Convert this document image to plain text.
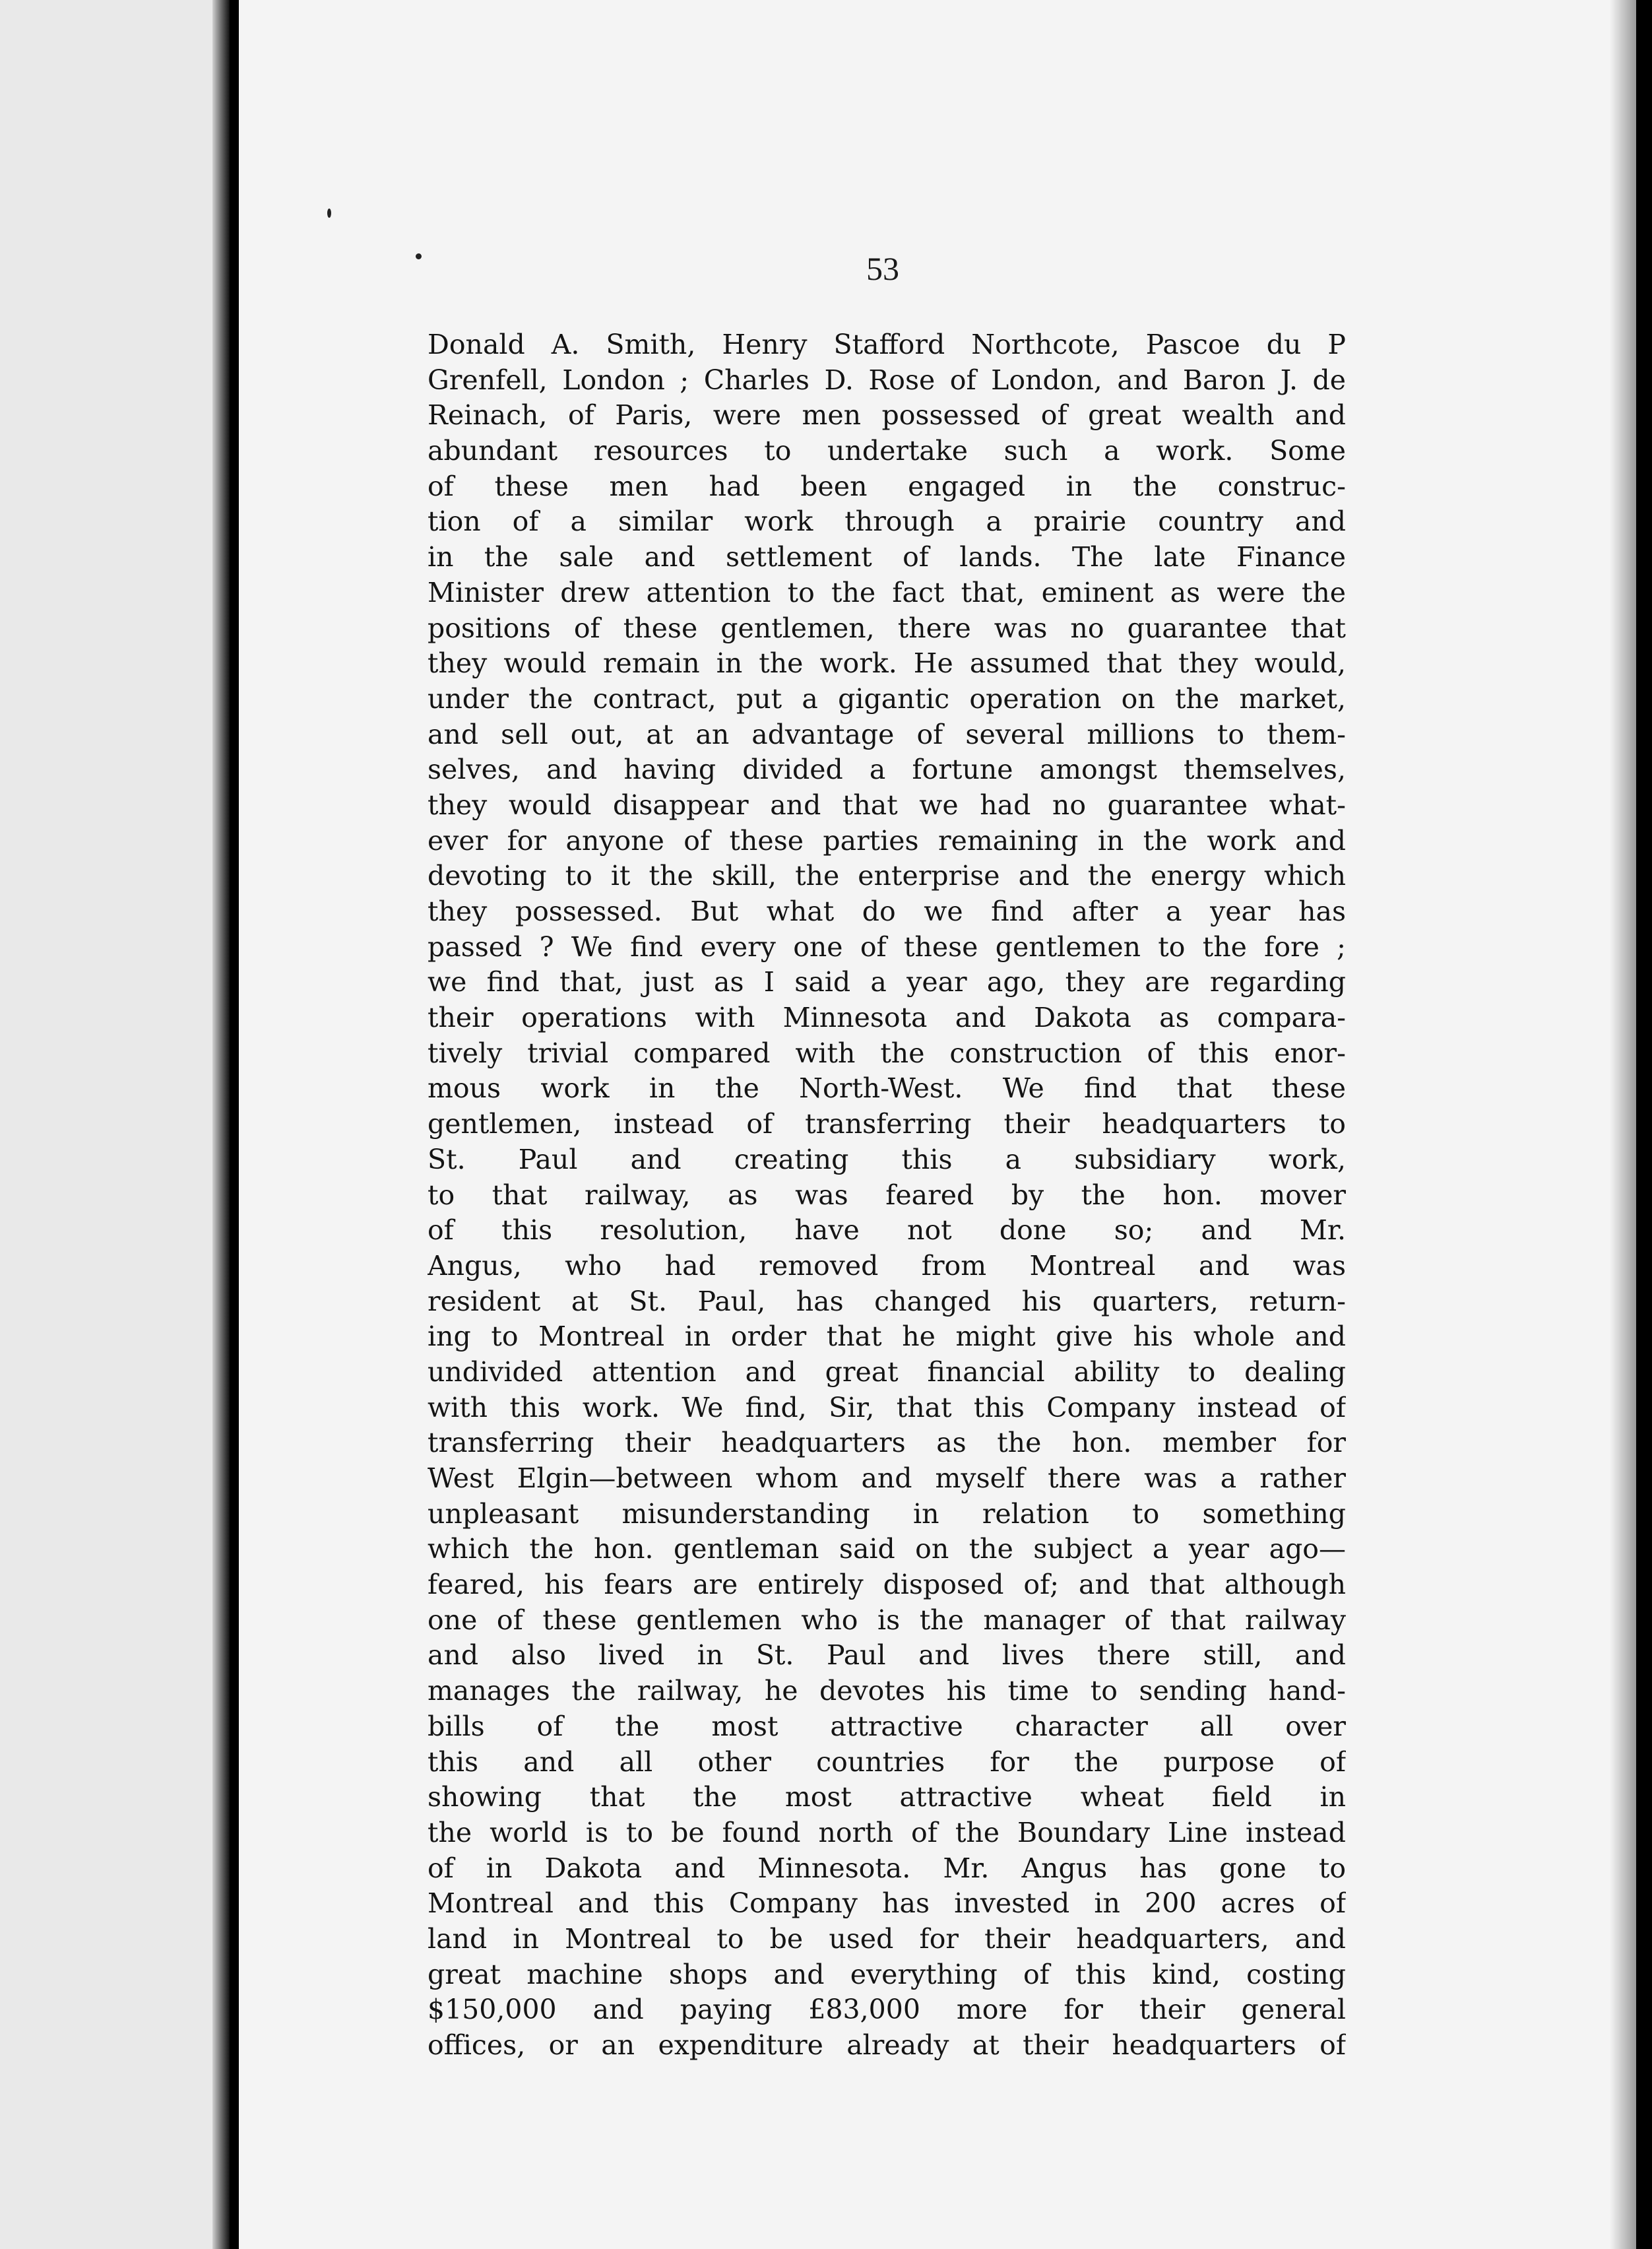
53

Donald A. Smith, Henry Stafford Northcote, Pascoe du P
Grenfell, London ; Charles D. Rose of London, and Baron J. de
Reinach, of Paris, were men possessed of great wealth and
abundant resources to undertake such a work. Some
of these men had been engaged in the construc-
tion of a similar work through a prairie country and
in the sale and settlement of lands. The late Finance
Minister drew attention to the fact that, eminent as were the
positions of these gentlemen, there was no guarantee that
they would remain in the work. He assumed that they would,
under the contract, put a gigantic operation on the market,
and sell out, at an advantage of several millions to them-
selves, and having divided a fortune amongst themselves,
they would disappear and that we had no guarantee what-
ever for anyone of these parties remaining in the work and
devoting to it the skill, the enterprise and the energy which
they possessed. But what do we find after a year has
passed ? We find every one of these gentlemen to the fore ;
we find that, just as I said a year ago, they are regarding
their operations with Minnesota and Dakota as compara-
tively trivial compared with the construction of this enor-
mous work in the North-West. We find that these
gentlemen, instead of transferring their headquarters to
St. Paul and creating this a subsidiary work,
to that railway, as was feared by the hon. mover
of this resolution, have not done so; and Mr.
Angus, who had removed from Montreal and was
resident at St. Paul, has changed his quarters, return-
ing to Montreal in order that he might give his whole and
undivided attention and great financial ability to dealing
with this work. We find, Sir, that this Company instead of
transferring their headquarters as the hon. member for
West Elgin—between whom and myself there was a rather
unpleasant misunderstanding in relation to something
which the hon. gentleman said on the subject a year ago—
feared, his fears are entirely disposed of; and that although
one of these gentlemen who is the manager of that railway
and also lived in St. Paul and lives there still, and
manages the railway, he devotes his time to sending hand-
bills of the most attractive character all over
this and all other countries for the purpose of
showing that the most attractive wheat field in
the world is to be found north of the Boundary Line instead
of in Dakota and Minnesota. Mr. Angus has gone to
Montreal and this Company has invested in 200 acres of
land in Montreal to be used for their headquarters, and
great machine shops and everything of this kind, costing
$150,000 and paying £83,000 more for their general
offices, or an expenditure already at their headquarters of
